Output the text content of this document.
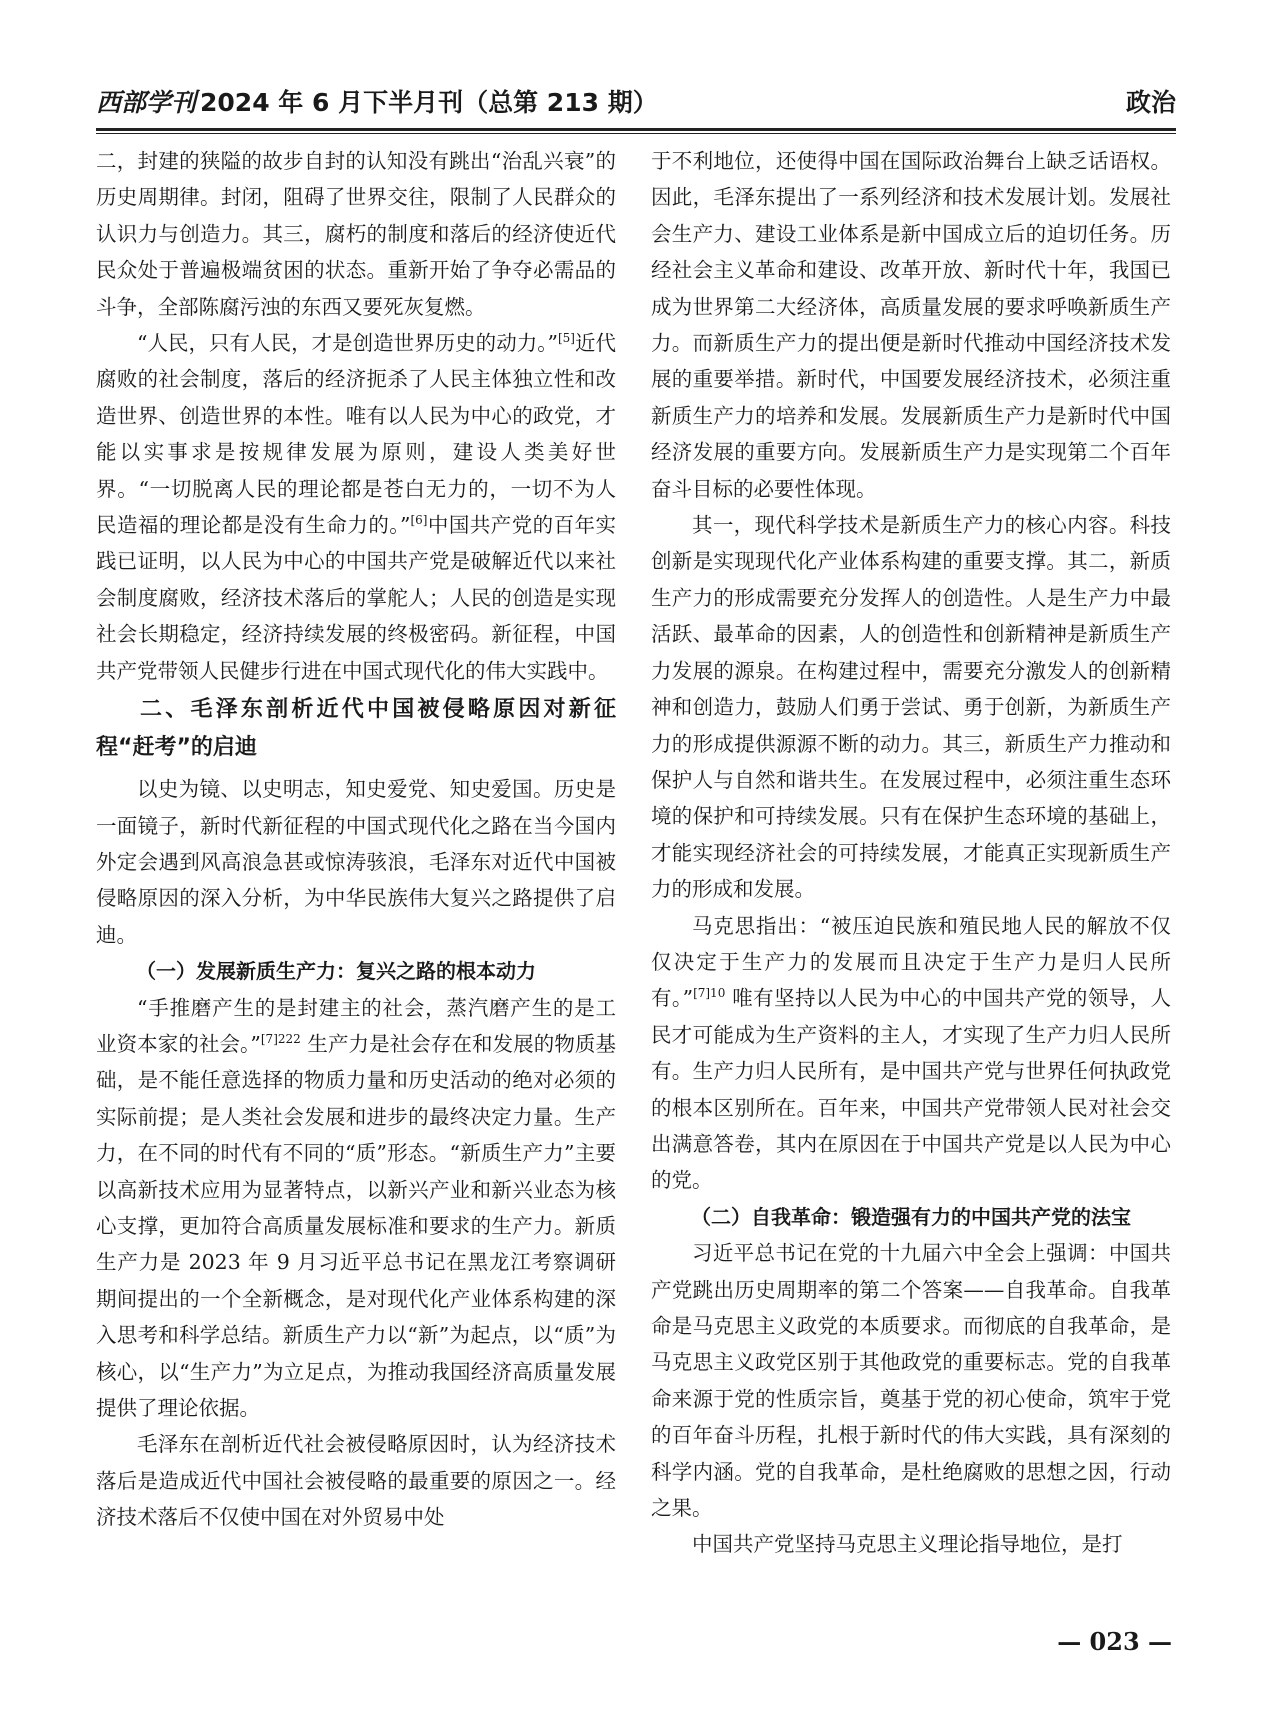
西部学刊 2024 年 6 月下半月刊（总第 213 期）	政治

二，封建的狭隘的故步自封的认知没有跳出“治乱兴衰”的历史周期律。封闭，阻碍了世界交往，限制了人民群众的认识力与创造力。其三，腐朽的制度和落后的经济使近代民众处于普遍极端贫困的状态。重新开始了争夺必需品的斗争，全部陈腐污浊的东西又要死灰复燃。

“人民，只有人民，才是创造世界历史的动力。”[5]近代腐败的社会制度，落后的经济扼杀了人民主体独立性和改造世界、创造世界的本性。唯有以人民为中心的政党，才能以实事求是按规律发展为原则，建设人类美好世界。“一切脱离人民的理论都是苍白无力的，一切不为人民造福的理论都是没有生命力的。”[6]中国共产党的百年实践已证明，以人民为中心的中国共产党是破解近代以来社会制度腐败，经济技术落后的掌舵人；人民的创造是实现社会长期稳定，经济持续发展的终极密码。新征程，中国共产党带领人民健步行进在中国式现代化的伟大实践中。

二、毛泽东剖析近代中国被侵略原因对新征程“赶考”的启迪

以史为镜、以史明志，知史爱党、知史爱国。历史是一面镜子，新时代新征程的中国式现代化之路在当今国内外定会遇到风高浪急甚或惊涛骇浪，毛泽东对近代中国被侵略原因的深入分析，为中华民族伟大复兴之路提供了启迪。

（一）发展新质生产力：复兴之路的根本动力

“手推磨产生的是封建主的社会，蒸汽磨产生的是工业资本家的社会。”$^{[7]222}$ 生产力是社会存在和发展的物质基础，是不能任意选择的物质力量和历史活动的绝对必须的实际前提；是人类社会发展和进步的最终决定力量。生产力，在不同的时代有不同的“质”形态。“新质生产力”主要以高新技术应用为显著特点，以新兴产业和新兴业态为核心支撑，更加符合高质量发展标准和要求的生产力。新质生产力是 2023 年 9 月习近平总书记在黑龙江考察调研期间提出的一个全新概念，是对现代化产业体系构建的深入思考和科学总结。新质生产力以“新”为起点，以“质”为核心，以“生产力”为立足点，为推动我国经济高质量发展提供了理论依据。

毛泽东在剖析近代社会被侵略原因时，认为经济技术落后是造成近代中国社会被侵略的最重要的原因之一。经济技术落后不仅使中国在对外贸易中处

于不利地位，还使得中国在国际政治舞台上缺乏话语权。因此，毛泽东提出了一系列经济和技术发展计划。发展社会生产力、建设工业体系是新中国成立后的迫切任务。历经社会主义革命和建设、改革开放、新时代十年，我国已成为世界第二大经济体，高质量发展的要求呼唤新质生产力。而新质生产力的提出便是新时代推动中国经济技术发展的重要举措。新时代，中国要发展经济技术，必须注重新质生产力的培养和发展。发展新质生产力是新时代中国经济发展的重要方向。发展新质生产力是实现第二个百年奋斗目标的必要性体现。

其一，现代科学技术是新质生产力的核心内容。科技创新是实现现代化产业体系构建的重要支撑。其二，新质生产力的形成需要充分发挥人的创造性。人是生产力中最活跃、最革命的因素，人的创造性和创新精神是新质生产力发展的源泉。在构建过程中，需要充分激发人的创新精神和创造力，鼓励人们勇于尝试、勇于创新，为新质生产力的形成提供源源不断的动力。其三，新质生产力推动和保护人与自然和谐共生。在发展过程中，必须注重生态环境的保护和可持续发展。只有在保护生态环境的基础上，才能实现经济社会的可持续发展，才能真正实现新质生产力的形成和发展。

马克思指出：“被压迫民族和殖民地人民的解放不仅仅决定于生产力的发展而且决定于生产力是归人民所有。”$^{[7]10}$ 唯有坚持以人民为中心的中国共产党的领导，人民才可能成为生产资料的主人，才实现了生产力归人民所有。生产力归人民所有，是中国共产党与世界任何执政党的根本区别所在。百年来，中国共产党带领人民对社会交出满意答卷，其内在原因在于中国共产党是以人民为中心的党。

（二）自我革命：锻造强有力的中国共产党的法宝

习近平总书记在党的十九届六中全会上强调：中国共产党跳出历史周期率的第二个答案——自我革命。自我革命是马克思主义政党的本质要求。而彻底的自我革命，是马克思主义政党区别于其他政党的重要标志。党的自我革命来源于党的性质宗旨，奠基于党的初心使命，筑牢于党的百年奋斗历程，扎根于新时代的伟大实践，具有深刻的科学内涵。党的自我革命，是杜绝腐败的思想之因，行动之果。

中国共产党坚持马克思主义理论指导地位，是打

— 023 —
